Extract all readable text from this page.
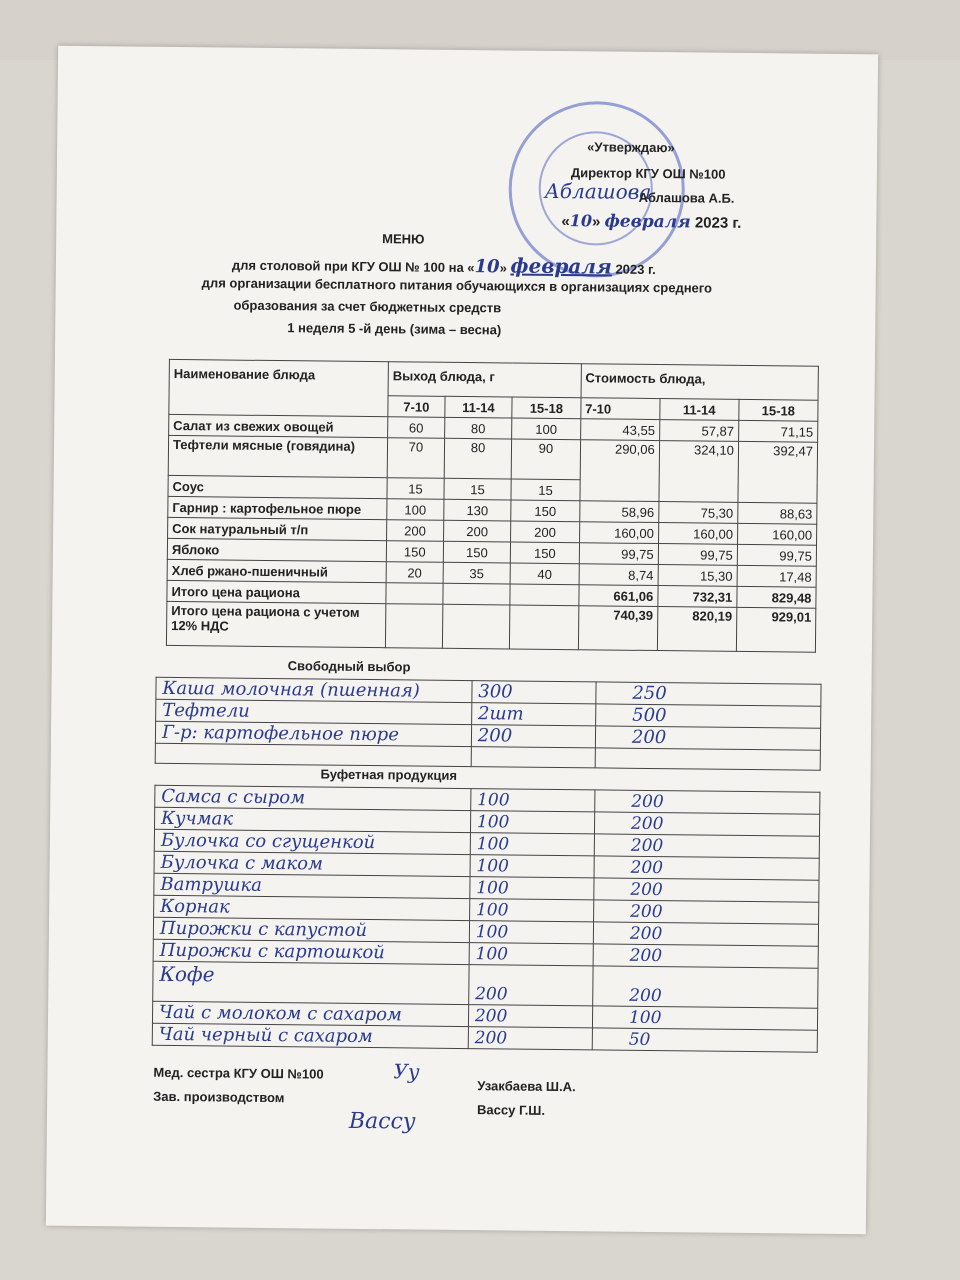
«Утверждаю»
Директор КГУ ОШ №100
Аблашова
Аблашова А.Б.
«10» февраля 2023 г.
МЕНЮ
для столовой при КГУ ОШ № 100 на «10» февраля 2023 г.
для организации бесплатного питания обучающихся в организациях среднего
образования за счет бюджетных средств
1 неделя 5 -й день (зима – весна)
Наименование блюда	Выход блюда, г			Стоимость блюда,		
	7-10	11-14	15-18	7-10	11-14	15-18
Салат из свежих овощей	60	80	100	43,55	57,87	71,15
Тефтели мясные (говядина)	70	80	90	290,06	324,10	392,47
Соус	15	15	15			
Гарнир : картофельное пюре	100	130	150	58,96	75,30	88,63
Сок натуральный т/п	200	200	200	160,00	160,00	160,00
Яблоко	150	150	150	99,75	99,75	99,75
Хлеб ржано-пшеничный	20	35	40	8,74	15,30	17,48
Итого цена рациона				661,06	732,31	829,48
Итого цена рациона с учетом 12% НДС				740,39	820,19	929,01
Свободный выбор
Каша молочная (пшенная)	300	250
Тефтели	2шт	500
Г-р: картофельное пюре	200	200

Буфетная продукция
Самса с сыром	100	200
Кучмак	100	200
Булочка со сгущенкой	100	200
Булочка с маком	100	200
Ватрушка	100	200
Корнак	100	200
Пирожки с капустой	100	200
Пирожки с картошкой	100	200
Кофе	200	200
Чай с молоком с сахаром	200	100
Чай черный с сахаром	200	50
Мед. сестра КГУ ОШ №100	Уу
Узакбаева Ш.А.
Зав. производством
Вассу	Вассу Г.Ш.
